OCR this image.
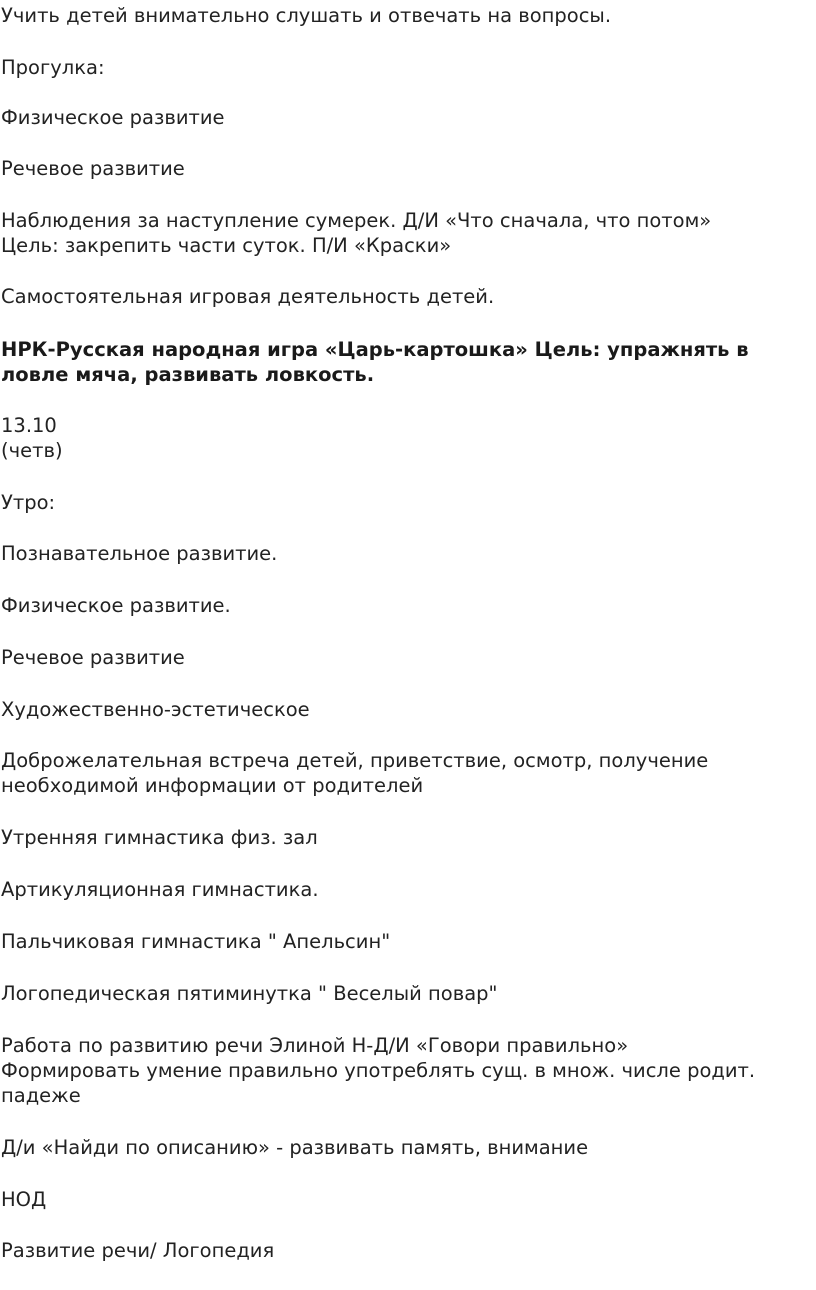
Учить детей внимательно слушать и отвечать на вопросы.
Прогулка:
Физическое развитие
Речевое развитие
Наблюдения за наступление сумерек. Д/И «Что сначала, что потом»
Цель: закрепить части суток. П/И «Краски»
Самостоятельная игровая деятельность детей.
НРК-Русская народная игра «Царь-картошка» Цель: упражнять в
ловле мяча, развивать ловкость.
13.10
(четв)
Утро:
Познавательное развитие.
Физическое развитие.
Речевое развитие
Художественно-эстетическое
Доброжелательная встреча детей, приветствие, осмотр, получение
необходимой информации от родителей
Утренняя гимнастика физ. зал
Артикуляционная гимнастика.
Пальчиковая гимнастика " Апельсин"
Логопедическая пятиминутка " Веселый повар"
Работа по развитию речи Элиной Н-Д/И «Говори правильно»
Формировать умение правильно употреблять сущ. в множ. числе родит.
падеже
Д/и «Найди по описанию» - развивать память, внимание
НОД
Развитие речи/ Логопедия
